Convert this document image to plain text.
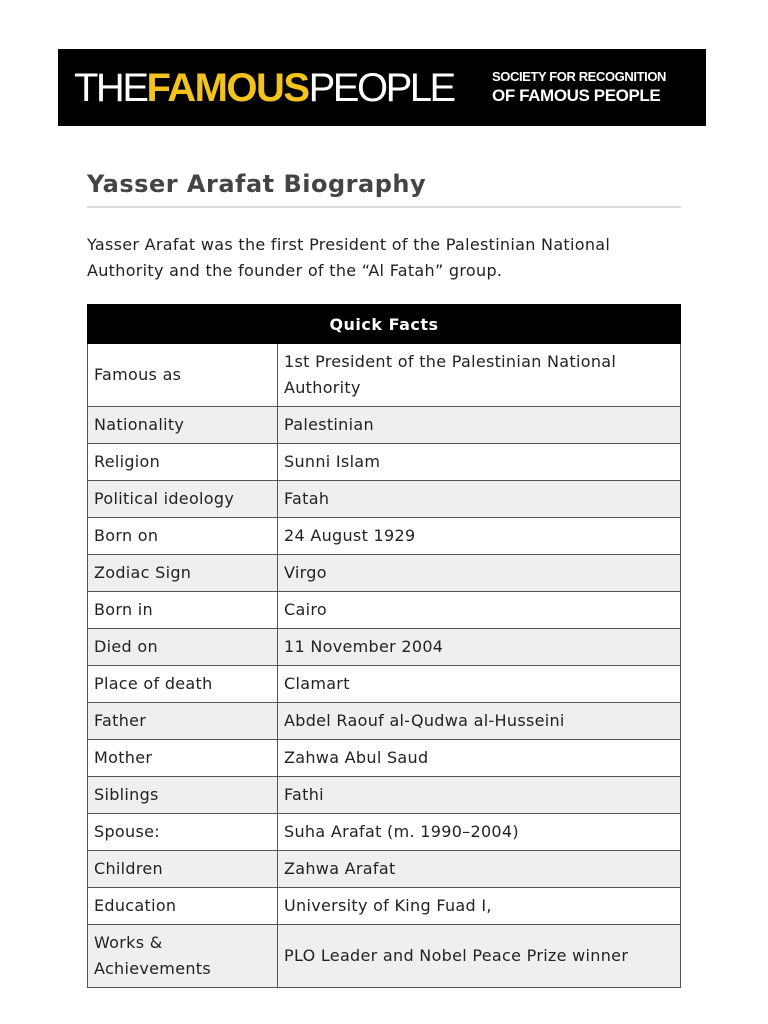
THEFAMOUSPEOPLE	SOCIETY FOR RECOGNITION
OF FAMOUS PEOPLE
Yasser Arafat Biography

Yasser Arafat was the first President of the Palestinian National Authority and the founder of the “Al Fatah” group.

Quick Facts	
Famous as	1st President of the Palestinian National Authority
Nationality	Palestinian
Religion	Sunni Islam
Political ideology	Fatah
Born on	24 August 1929
Zodiac Sign	Virgo
Born in	Cairo
Died on	11 November 2004
Place of death	Clamart
Father	Abdel Raouf al-Qudwa al-Husseini
Mother	Zahwa Abul Saud
Siblings	Fathi
Spouse:	Suha Arafat (m. 1990–2004)
Children	Zahwa Arafat
Education	University of King Fuad I,
Works & Achievements	PLO Leader and Nobel Peace Prize winner
